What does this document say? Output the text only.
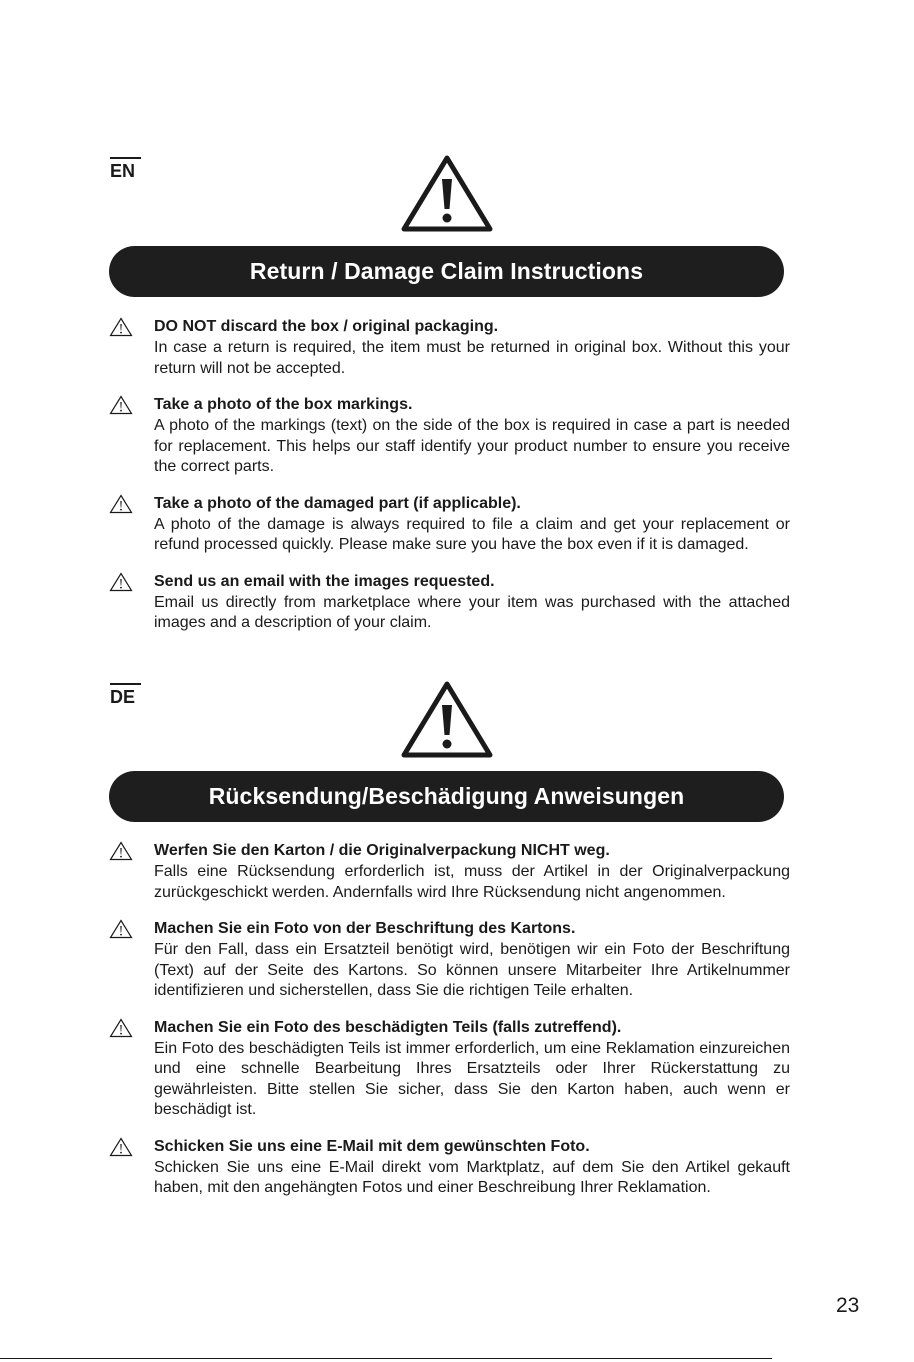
EN
Return / Damage Claim Instructions
DO NOT discard the box / original packaging.
In case a return is required, the item must be returned in original box. Without this your return will not be accepted.
Take a photo of the box markings.
A photo of the markings (text) on the side of the box is required in case a part is needed for replacement. This helps our staff identify your product number to ensure you receive the correct parts.
Take a photo of the damaged part (if applicable).
A photo of the damage is always required to file a claim and get your replacement or refund processed quickly. Please make sure you have the box even if it is damaged.
Send us an email with the images requested.
Email us directly from marketplace where your item was purchased with the attached images and a description of your claim.
DE
Rücksendung/Beschädigung Anweisungen
Werfen Sie den Karton / die Originalverpackung NICHT weg.
Falls eine Rücksendung erforderlich ist, muss der Artikel in der Originalverpackung zurückgeschickt werden. Andernfalls wird Ihre Rücksendung nicht angenommen.
Machen Sie ein Foto von der Beschriftung des Kartons.
Für den Fall, dass ein Ersatzteil benötigt wird, benötigen wir ein Foto der Beschriftung (Text) auf der Seite des Kartons. So können unsere Mitarbeiter Ihre Artikelnummer identifizieren und sicherstellen, dass Sie die richtigen Teile erhalten.
Machen Sie ein Foto des beschädigten Teils (falls zutreffend).
Ein Foto des beschädigten Teils ist immer erforderlich, um eine Reklamation einzureichen und eine schnelle Bearbeitung Ihres Ersatzteils oder Ihrer Rückerstattung zu gewährleisten. Bitte stellen Sie sicher, dass Sie den Karton haben, auch wenn er beschädigt ist.
Schicken Sie uns eine E-Mail mit dem gewünschten Foto.
Schicken Sie uns eine E-Mail direkt vom Marktplatz, auf dem Sie den Artikel gekauft haben, mit den angehängten Fotos und einer Beschreibung Ihrer Reklamation.
23
